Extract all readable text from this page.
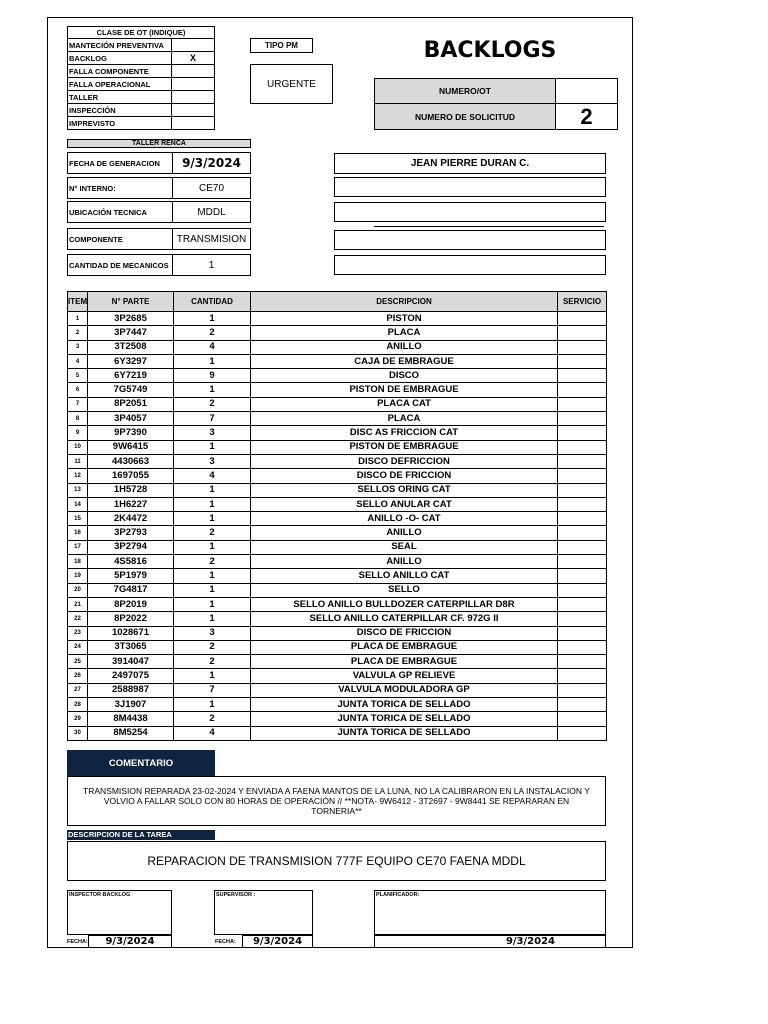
CLASE DE OT (INDIQUE)
MANTECIÓN PREVENTIVA	
BACKLOG	X
FALLA COMPONENTE	
FALLA OPERACIONAL	
TALLER	
INSPECCIÓN	
IMPREVISTO	
TIPO PM
URGENTE
BACKLOGS
NUMERO/OT
NUMERO DE SOLICITUD	2
TALLER RENCA
FECHA DE GENERACION	9/3/2024
N° INTERNO:	CE70
UBICACIÓN TECNICA	MDDL
COMPONENTE	TRANSMISION
CANTIDAD DE MECANICOS	1
JEAN PIERRE DURAN C.
ITEM	N° PARTE	CANTIDAD	DESCRIPCION	SERVICIO
1	3P2685	1	PISTON	
2	3P7447	2	PLACA	
3	3T2508	4	ANILLO	
4	6Y3297	1	CAJA DE EMBRAGUE	
5	6Y7219	9	DISCO	
6	7G5749	1	PISTON DE EMBRAGUE	
7	8P2051	2	PLACA CAT	
8	3P4057	7	PLACA	
9	9P7390	3	DISC AS FRICCION CAT	
10	9W6415	1	PISTON DE EMBRAGUE	
11	4430663	3	DISCO DEFRICCION	
12	1697055	4	DISCO DE FRICCION	
13	1H5728	1	SELLOS ORING CAT	
14	1H6227	1	SELLO ANULAR CAT	
15	2K4472	1	ANILLO -O- CAT	
16	3P2793	2	ANILLO	
17	3P2794	1	SEAL	
18	4S5816	2	ANILLO	
19	5P1979	1	SELLO ANILLO CAT	
20	7G4817	1	SELLO	
21	8P2019	1	SELLO ANILLO BULLDOZER CATERPILLAR D8R	
22	8P2022	1	SELLO ANILLO CATERPILLAR CF. 972G II	
23	1028671	3	DISCO DE FRICCION	
24	3T3065	2	PLACA DE EMBRAGUE	
25	3914047	2	PLACA DE EMBRAGUE	
26	2497075	1	VALVULA GP RELIEVE	
27	2588987	7	VALVULA MODULADORA GP	
28	3J1907	1	JUNTA TORICA DE SELLADO	
29	8M4438	2	JUNTA TORICA DE SELLADO	
30	8M5254	4	JUNTA TORICA DE SELLADO	
COMENTARIO
TRANSMISION REPARADA 23-02-2024 Y ENVIADA A FAENA MANTOS DE LA LUNA, NO LA CALIBRARON EN LA INSTALACION Y VOLVIO A FALLAR SOLO CON 80 HORAS DE OPERACIÓN // **NOTA- 9W6412 - 3T2697 - 9W8441 SE REPARARAN EN TORNERIA**
DESCRIPCION DE LA TAREA
REPARACION DE TRANSMISION 777F EQUIPO CE70 FAENA MDDL
INSPECTOR BACKLOG	SUPERVISOR :	PLANIFICADOR:
FECHA:	9/3/2024	FECHA:	9/3/2024	9/3/2024
